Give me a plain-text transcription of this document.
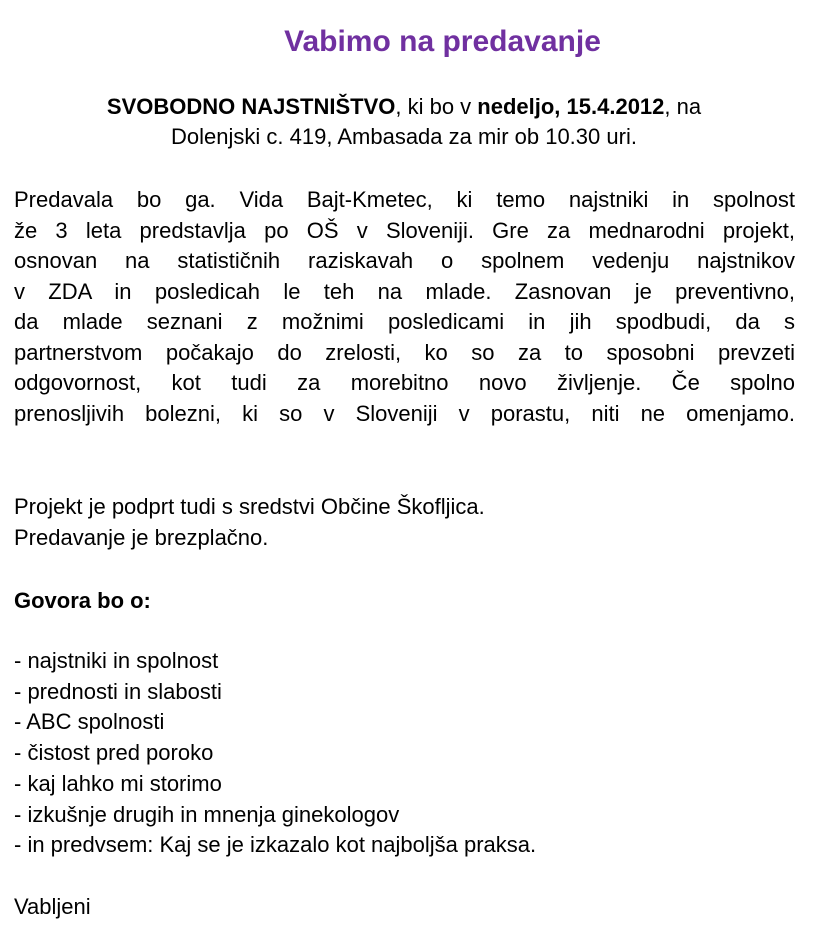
Vabimo na predavanje
SVOBODNO NAJSTNIŠTVO, ki bo v nedeljo, 15.4.2012, na
Dolenjski c. 419, Ambasada za mir ob 10.30 uri.
Predavala bo ga. Vida Bajt-Kmetec, ki temo najstniki in spolnost
že 3 leta predstavlja po OŠ v Sloveniji. Gre za mednarodni projekt,
osnovan na statističnih raziskavah o spolnem vedenju najstnikov
v ZDA in posledicah le teh na mlade. Zasnovan je preventivno,
da mlade seznani z možnimi posledicami in jih spodbudi, da s
partnerstvom počakajo do zrelosti, ko so za to sposobni prevzeti
odgovornost, kot tudi za morebitno novo življenje. Če spolno
prenosljivih bolezni, ki so v Sloveniji v porastu, niti ne omenjamo.
Projekt je podprt tudi s sredstvi Občine Škofljica.
Predavanje je brezplačno.
Govora bo o:
- najstniki in spolnost
- prednosti in slabosti
- ABC spolnosti
- čistost pred poroko
- kaj lahko mi storimo
- izkušnje drugih in mnenja ginekologov
- in predvsem: Kaj se je izkazalo kot najboljša praksa.
Vabljeni
